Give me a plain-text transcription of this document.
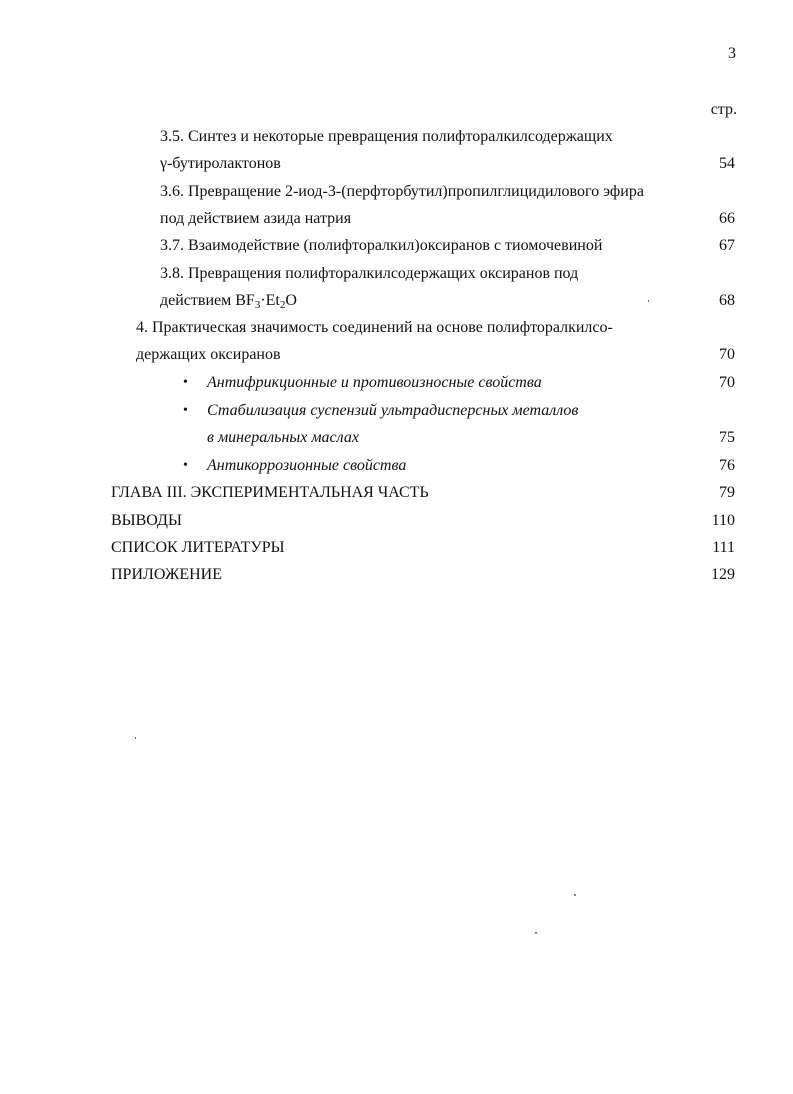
3
стр.
3.5. Синтез и некоторые превращения полифторалкилсодержащих
γ-бутиролактонов	54
3.6. Превращение 2-иод-3-(перфторбутил)пропилглицидилового эфира
под действием азида натрия	66
3.7. Взаимодействие (полифторалкил)оксиранов с тиомочевиной	67
3.8. Превращения полифторалкилсодержащих оксиранов под
действием $BF_3\cdot Et_2O$	68
4. Практическая значимость соединений на основе полифторалкилсо-
держащих оксиранов	70
• Антифрикционные и противоизносные свойства	70
• Стабилизация суспензий ультрадисперсных металлов
в минеральных маслах	75
• Антикоррозионные свойства	76
ГЛАВА III. ЭКСПЕРИМЕНТАЛЬНАЯ ЧАСТЬ	79
ВЫВОДЫ	110
СПИСОК ЛИТЕРАТУРЫ	111
ПРИЛОЖЕНИЕ	129
